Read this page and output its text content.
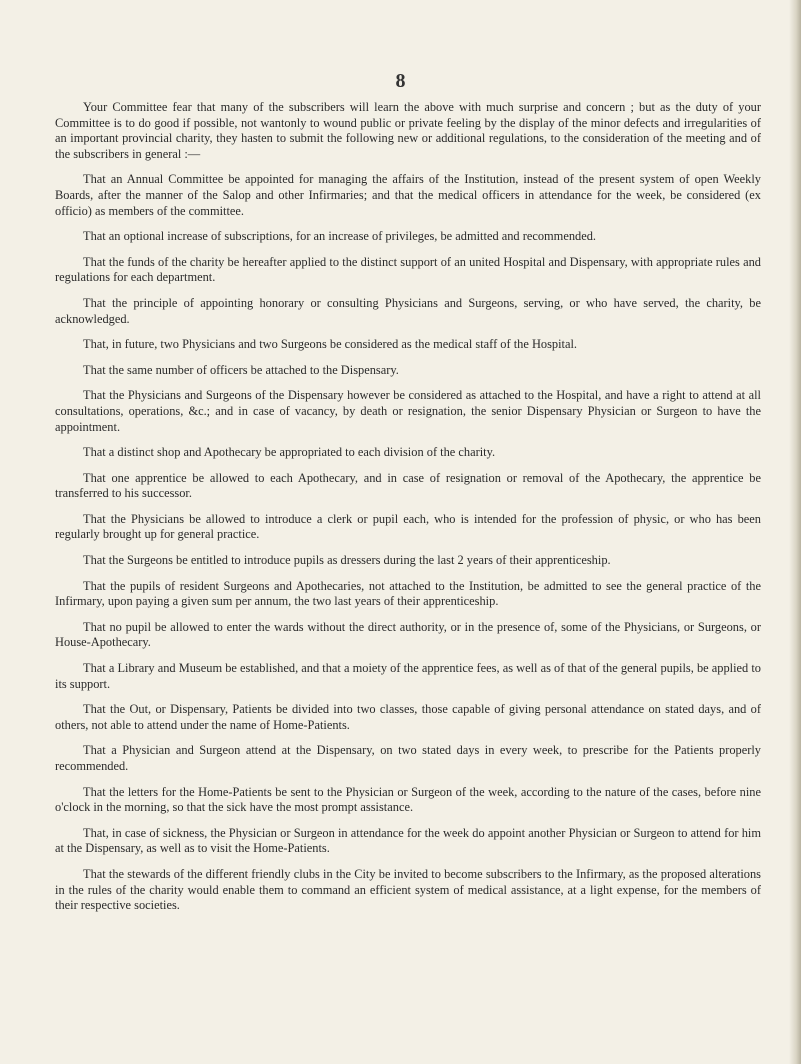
8

Your Committee fear that many of the subscribers will learn the above with much surprise and concern ; but as the duty of your Committee is to do good if possible, not wantonly to wound public or private feeling by the display of the minor defects and irregularities of an important provincial charity, they hasten to submit the following new or additional regulations, to the consideration of the meeting and of the subscribers in general :—

That an Annual Committee be appointed for managing the affairs of the Institution, instead of the present system of open Weekly Boards, after the manner of the Salop and other Infirmaries; and that the medical officers in attendance for the week, be considered (ex officio) as members of the committee.

That an optional increase of subscriptions, for an increase of privileges, be admitted and recommended.

That the funds of the charity be hereafter applied to the distinct support of an united Hospital and Dispensary, with appropriate rules and regulations for each department.

That the principle of appointing honorary or consulting Physicians and Surgeons, serving, or who have served, the charity, be acknowledged.

That, in future, two Physicians and two Surgeons be considered as the medical staff of the Hospital.

That the same number of officers be attached to the Dispensary.

That the Physicians and Surgeons of the Dispensary however be considered as attached to the Hospital, and have a right to attend at all consultations, operations, &c.; and in case of vacancy, by death or resignation, the senior Dispensary Physician or Surgeon to have the appointment.

That a distinct shop and Apothecary be appropriated to each division of the charity.

That one apprentice be allowed to each Apothecary, and in case of resignation or removal of the Apothecary, the apprentice be transferred to his successor.

That the Physicians be allowed to introduce a clerk or pupil each, who is intended for the profession of physic, or who has been regularly brought up for general practice.

That the Surgeons be entitled to introduce pupils as dressers during the last 2 years of their apprenticeship.

That the pupils of resident Surgeons and Apothecaries, not attached to the Institution, be admitted to see the general practice of the Infirmary, upon paying a given sum per annum, the two last years of their apprenticeship.

That no pupil be allowed to enter the wards without the direct authority, or in the presence of, some of the Physicians, or Surgeons, or House-Apothecary.

That a Library and Museum be established, and that a moiety of the apprentice fees, as well as of that of the general pupils, be applied to its support.

That the Out, or Dispensary, Patients be divided into two classes, those capable of giving personal attendance on stated days, and of others, not able to attend under the name of Home-Patients.

That a Physician and Surgeon attend at the Dispensary, on two stated days in every week, to prescribe for the Patients properly recommended.

That the letters for the Home-Patients be sent to the Physician or Surgeon of the week, according to the nature of the cases, before nine o'clock in the morning, so that the sick have the most prompt assistance.

That, in case of sickness, the Physician or Surgeon in attendance for the week do appoint another Physician or Surgeon to attend for him at the Dispensary, as well as to visit the Home-Patients.

That the stewards of the different friendly clubs in the City be invited to become subscribers to the Infirmary, as the proposed alterations in the rules of the charity would enable them to command an efficient system of medical assistance, at a light expense, for the members of their respective societies.
